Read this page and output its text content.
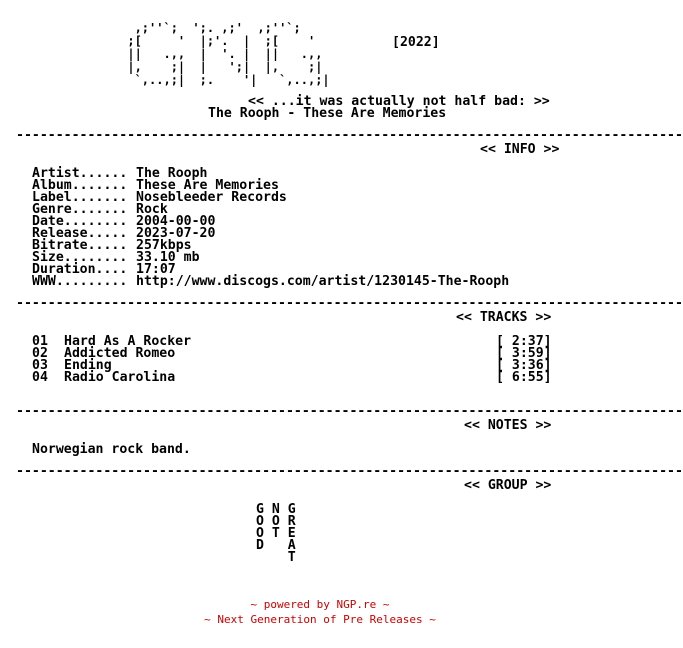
,;''`;  ';. ,;'  ,;''`;
;[     '  |;'.  |  ;[    '
||   .,,  |  '. |  ||   .,,
|,    ;|  |   ';|  |,    ;|
`,..,;|  ;.    '|   `,..,;|
[2022]
<< ...it was actually not half bad: >>
The Rooph - These Are Memories
------------------------------------------------------------------------------------
<< INFO >>
Artist...... The Rooph
Album....... These Are Memories
Label....... Nosebleeder Records
Genre....... Rock
Date........ 2004-00-00
Release..... 2023-07-20
Bitrate..... 257kbps
Size........ 33.10 mb
Duration.... 17:07
WWW......... http://www.discogs.com/artist/1230145-The-Rooph
------------------------------------------------------------------------------------
<< TRACKS >>
01 Hard As A Rocker	[ 2:37]
02 Addicted Romeo	[ 3:59]
03 Ending	[ 3:36]
04 Radio Carolina	[ 6:55]
------------------------------------------------------------------------------------
<< NOTES >>
Norwegian rock band.
------------------------------------------------------------------------------------
<< GROUP >>
G N G
O O R
O T E
D   A
T
~ powered by NGP.re ~
~ Next Generation of Pre Releases ~
